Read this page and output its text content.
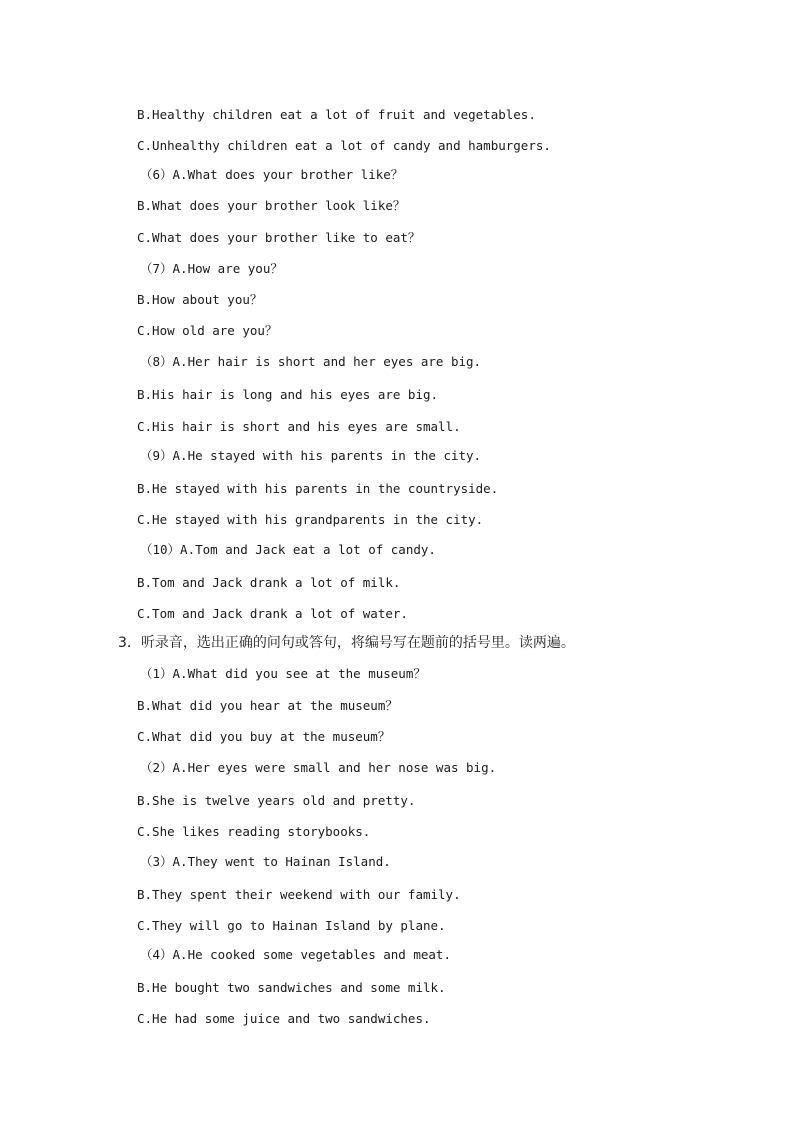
B.Healthy children eat a lot of fruit and vegetables.
C.Unhealthy children eat a lot of candy and hamburgers.
（6）A.What does your brother like？
B.What does your brother look like？
C.What does your brother like to eat？
（7）A.How are you？
B.How about you？
C.How old are you？
（8）A.Her hair is short and her eyes are big.
B.His hair is long and his eyes are big.
C.His hair is short and his eyes are small.
（9）A.He stayed with his parents in the city.
B.He stayed with his parents in the countryside.
C.He stayed with his grandparents in the city.
（10）A.Tom and Jack eat a lot of candy.
B.Tom and Jack drank a lot of milk.
C.Tom and Jack drank a lot of water.
3．听录音，选出正确的问句或答句，将编号写在题前的括号里。读两遍。
（1）A.What did you see at the museum？
B.What did you hear at the museum？
C.What did you buy at the museum？
（2）A.Her eyes were small and her nose was big.
B.She is twelve years old and pretty.
C.She likes reading storybooks.
（3）A.They went to Hainan Island.
B.They spent their weekend with our family.
C.They will go to Hainan Island by plane.
（4）A.He cooked some vegetables and meat.
B.He bought two sandwiches and some milk.
C.He had some juice and two sandwiches.
